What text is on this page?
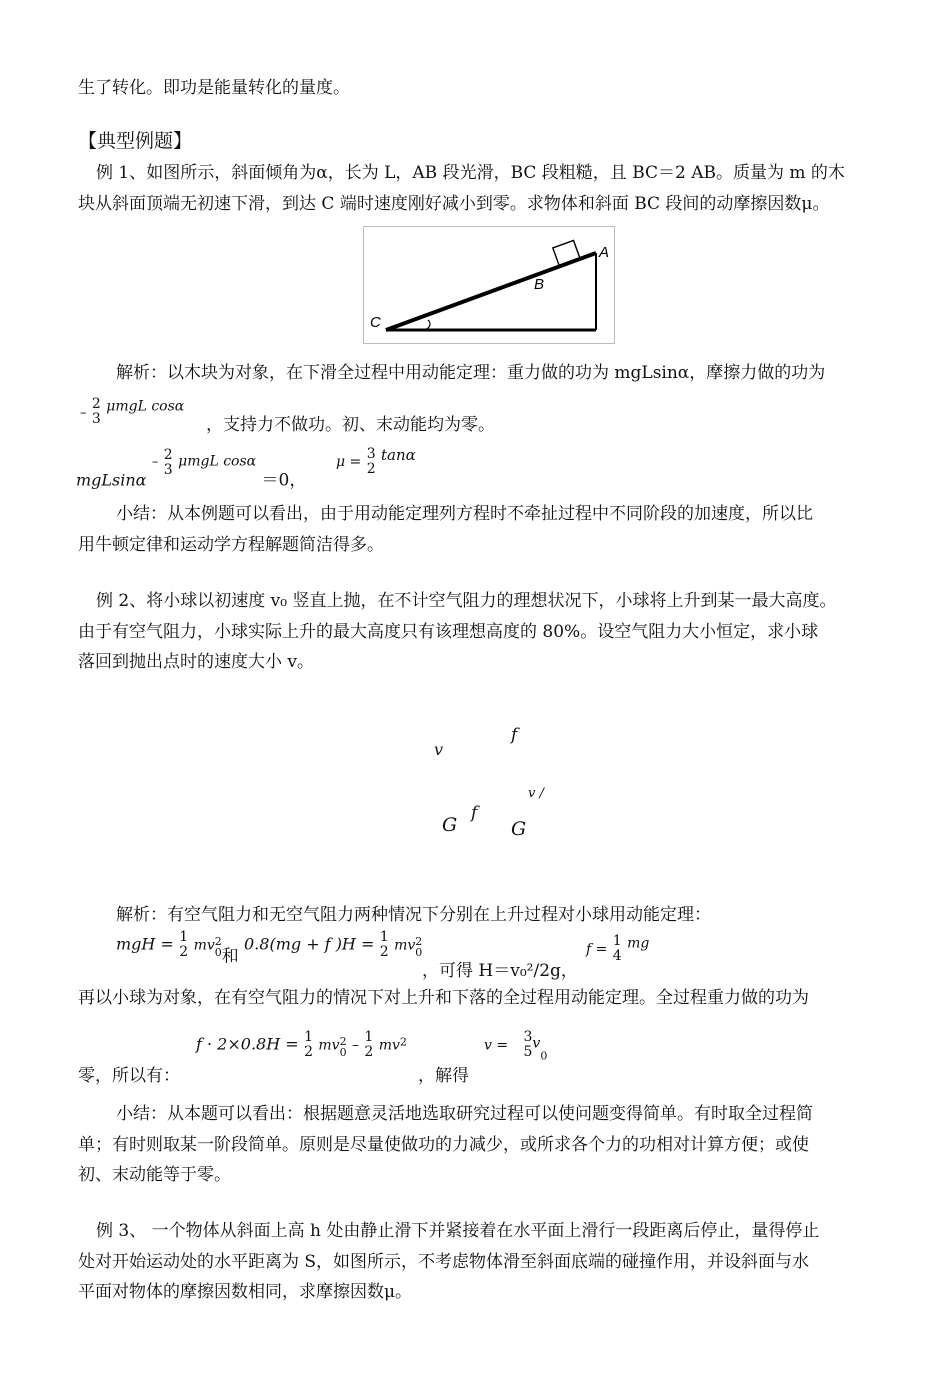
生了转化。即功是能量转化的量度。
【典型例题】
例 1、如图所示，斜面倾角为α，长为 L，AB 段光滑，BC 段粗糙，且 BC＝2 AB。质量为 m 的木
块从斜面顶端无初速下滑，到达 C 端时速度刚好减小到零。求物体和斜面 BC 段间的动摩擦因数μ。
A
B
C
解析：以木块为对象，在下滑全过程中用动能定理：重力做的功为 mgLsinα，摩擦力做的功为
–
2
3
$^{\mu mgL cos\alpha}$
，支持力不做功。初、末动能均为零。
mgLsinα – 2
3
μmgL cosα ＝0，
μ =
3
2
tanα
小结：从本例题可以看出，由于用动能定理列方程时不牵扯过程中不同阶段的加速度，所以比
用牛顿定律和运动学方程解题简洁得多。
例 2、将小球以初速度 v₀ 竖直上抛，在不计空气阻力的理想状况下，小球将上升到某一最大高度。
由于有空气阻力，小球实际上升的最大高度只有该理想高度的 80%。设空气阻力大小恒定，求小球
落回到抛出点时的速度大小 v。
v
f
v /
G
f
G
解析：有空气阻力和无空气阻力两种情况下分别在上升过程对小球用动能定理：
mgH = 1
2 mv 2
0 和
0.8(mg + f )H = 1
2 mv 2
0
，可得 H＝v₀²/2g，
f =
1
4
$^{mg}$
再以小球为对象，在有空气阻力的情况下对上升和下落的全过程用动能定理。全过程重力做的功为
零，所以有：
f · 2×0.8H = 1
2 mv 2
0 –
1
2 $mv^2$
，解得
v =
3
5
$v_0$
小结：从本题可以看出：根据题意灵活地选取研究过程可以使问题变得简单。有时取全过程简
单；有时则取某一阶段简单。原则是尽量使做功的力减少，或所求各个力的功相对计算方便；或使
初、末动能等于零。
例 3、 一个物体从斜面上高 h 处由静止滑下并紧接着在水平面上滑行一段距离后停止，量得停止
处对开始运动处的水平距离为 S，如图所示，不考虑物体滑至斜面底端的碰撞作用，并设斜面与水
平面对物体的摩擦因数相同，求摩擦因数μ。
